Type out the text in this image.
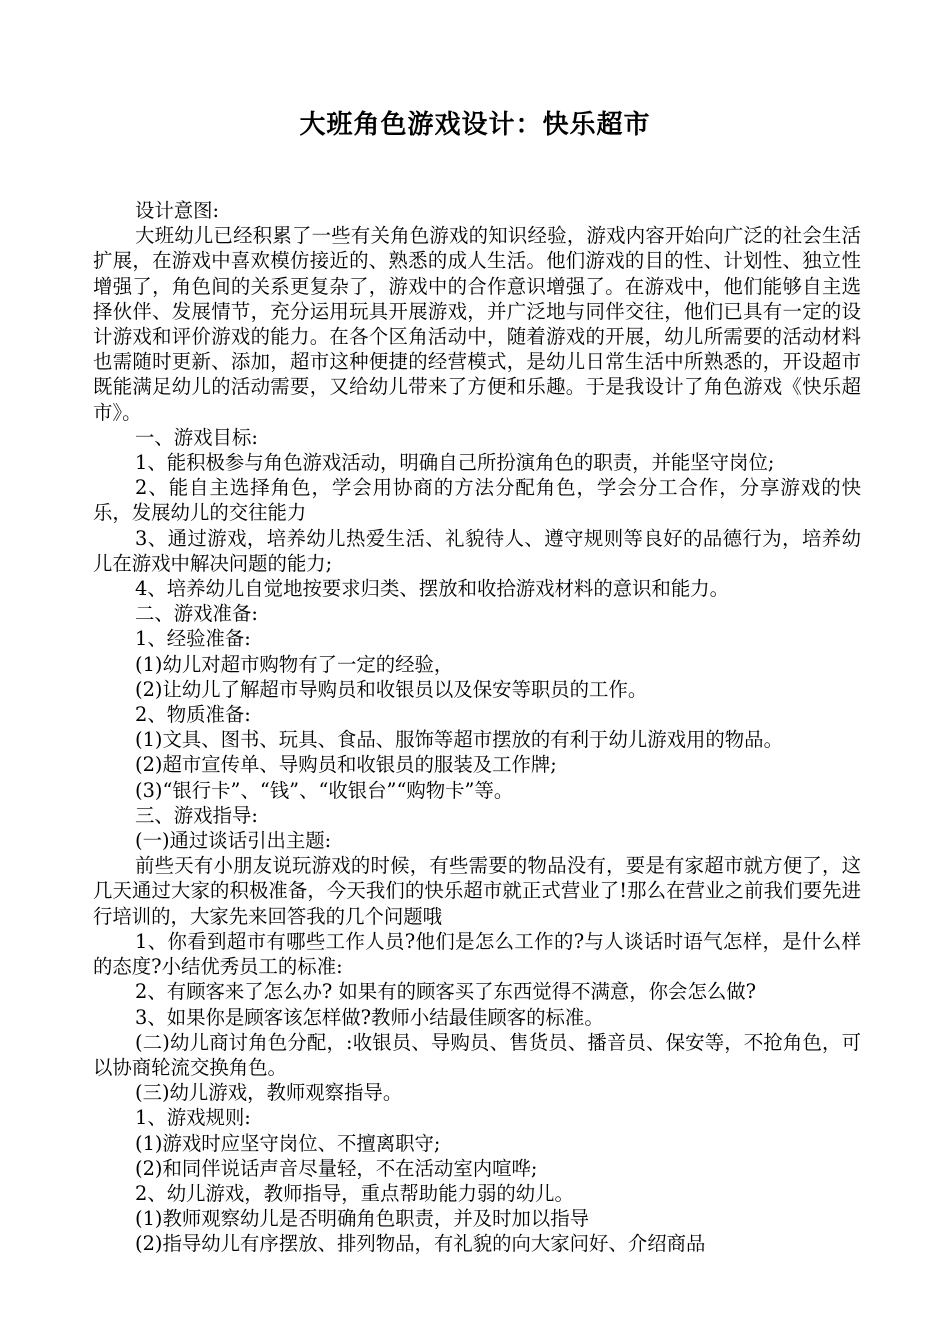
大班角色游戏设计：快乐超市

设计意图:

大班幼儿已经积累了一些有关角色游戏的知识经验，游戏内容开始向广泛的社会生活扩展，在游戏中喜欢模仿接近的、熟悉的成人生活。他们游戏的目的性、计划性、独立性增强了，角色间的关系更复杂了，游戏中的合作意识增强了。在游戏中，他们能够自主选择伙伴、发展情节，充分运用玩具开展游戏，并广泛地与同伴交往，他们已具有一定的设计游戏和评价游戏的能力。在各个区角活动中，随着游戏的开展，幼儿所需要的活动材料也需随时更新、添加，超市这种便捷的经营模式，是幼儿日常生活中所熟悉的，开设超市既能满足幼儿的活动需要，又给幼儿带来了方便和乐趣。于是我设计了角色游戏《快乐超市》。

一、游戏目标:

1、能积极参与角色游戏活动，明确自己所扮演角色的职责，并能坚守岗位;

2、能自主选择角色，学会用协商的方法分配角色，学会分工合作，分享游戏的快乐，发展幼儿的交往能力

3、通过游戏，培养幼儿热爱生活、礼貌待人、遵守规则等良好的品德行为，培养幼儿在游戏中解决问题的能力;

4、培养幼儿自觉地按要求归类、摆放和收拾游戏材料的意识和能力。

二、游戏准备:

1、经验准备:

(1)幼儿对超市购物有了一定的经验，

(2)让幼儿了解超市导购员和收银员以及保安等职员的工作。

2、物质准备:

(1)文具、图书、玩具、食品、服饰等超市摆放的有利于幼儿游戏用的物品。

(2)超市宣传单、导购员和收银员的服装及工作牌;

(3)“银行卡”、“钱”、“收银台”“购物卡”等。

三、游戏指导:

(一)通过谈话引出主题:

前些天有小朋友说玩游戏的时候，有些需要的物品没有，要是有家超市就方便了，这几天通过大家的积极准备，今天我们的快乐超市就正式营业了!那么在营业之前我们要先进行培训的，大家先来回答我的几个问题哦

1、你看到超市有哪些工作人员?他们是怎么工作的?与人谈话时语气怎样，是什么样的态度?小结优秀员工的标准:

2、有顾客来了怎么办? 如果有的顾客买了东西觉得不满意，你会怎么做?

3、如果你是顾客该怎样做?教师小结最佳顾客的标准。

(二)幼儿商讨角色分配，:收银员、导购员、售货员、播音员、保安等，不抢角色，可以协商轮流交换角色。

(三)幼儿游戏，教师观察指导。

1、游戏规则:

(1)游戏时应坚守岗位、不擅离职守;

(2)和同伴说话声音尽量轻，不在活动室内喧哗;

2、幼儿游戏，教师指导，重点帮助能力弱的幼儿。

(1)教师观察幼儿是否明确角色职责，并及时加以指导

(2)指导幼儿有序摆放、排列物品，有礼貌的向大家问好、介绍商品
